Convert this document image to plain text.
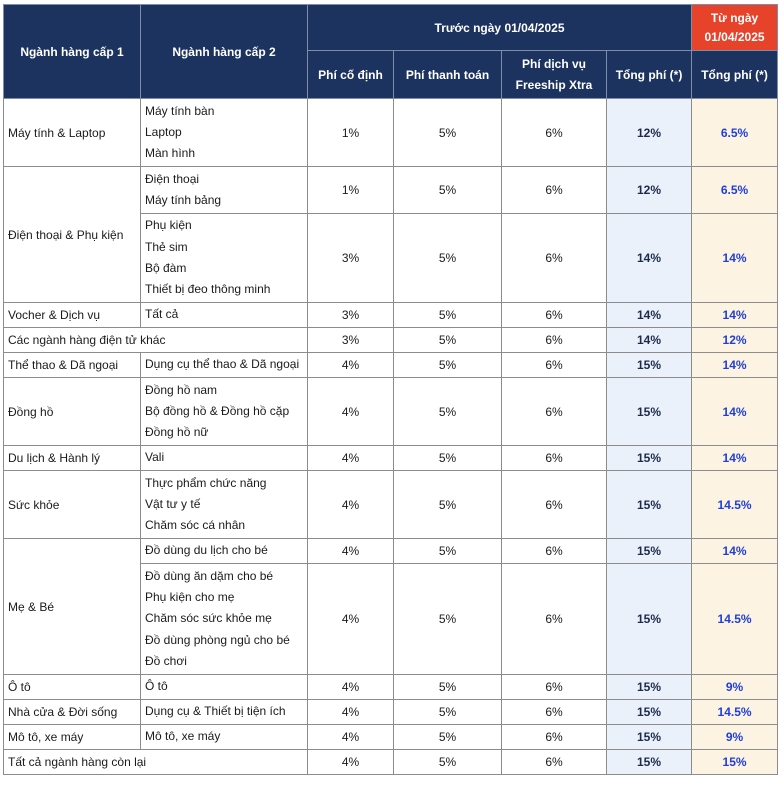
Ngành hàng cấp 1	Ngành hàng cấp 2	Trước ngày 01/04/2025				Từ ngày 01/04/2025
		Phí cố định	Phí thanh toán	Phí dịch vụ Freeship Xtra	Tổng phí (*)	Tổng phí (*)
Máy tính & Laptop	Máy tính bàn
Laptop
Màn hình	1%	5%	6%	12%	6.5%
Điện thoại & Phụ kiện	Điện thoại
Máy tính bảng	1%	5%	6%	12%	6.5%

	Phụ kiện
Thẻ sim
Bộ đàm
Thiết bị đeo thông minh	3%	5%	6%	14%	14%
Vocher & Dịch vụ	Tất cả	3%	5%	6%	14%	14%
Các ngành hàng điện tử khác		3%	5%	6%	14%	12%
Thể thao & Dã ngoại	Dụng cụ thể thao & Dã ngoại	4%	5%	6%	15%	14%
Đồng hồ	Đồng hồ nam
Bộ đồng hồ & Đồng hồ cặp
Đồng hồ nữ	4%	5%	6%	15%	14%
Du lịch & Hành lý	Vali	4%	5%	6%	15%	14%
Sức khỏe	Thực phẩm chức năng
Vật tư y tế
Chăm sóc cá nhân	4%	5%	6%	15%	14.5%
Mẹ & Bé	Đồ dùng du lịch cho bé	4%	5%	6%	15%	14%

	Đồ dùng ăn dặm cho bé
Phụ kiện cho mẹ
Chăm sóc sức khỏe mẹ
Đồ dùng phòng ngủ cho bé
Đồ chơi	4%	5%	6%	15%	14.5%
Ô tô	Ô tô	4%	5%	6%	15%	9%
Nhà cửa & Đời sống	Dụng cụ & Thiết bị tiện ích	4%	5%	6%	15%	14.5%
Mô tô, xe máy	Mô tô, xe máy	4%	5%	6%	15%	9%
Tất cả ngành hàng còn lại		4%	5%	6%	15%	15%
